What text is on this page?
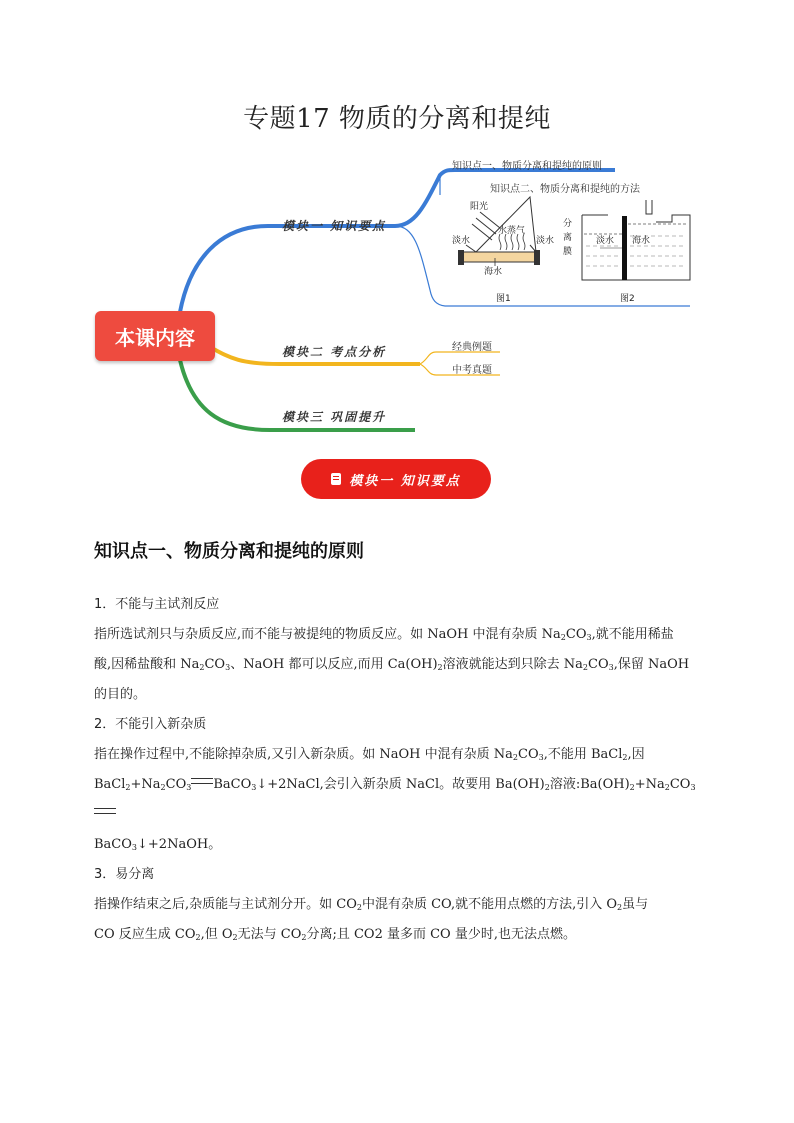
专题17 物质的分离和提纯
阳光
水蒸气
淡水	淡水
海水
图1
分
离
膜
淡水 海水
图2
本课内容
模块一 知识要点
模块二 考点分析
模块三 巩固提升
知识点一、物质分离和提纯的原则
知识点二、物质分离和提纯的方法
经典例题
中考真题
模块一 知识要点
知识点一、物质分离和提纯的原则

1．不能与主试剂反应

指所选试剂只与杂质反应,而不能与被提纯的物质反应。如 NaOH 中混有杂质 $Na_2CO_3$,就不能用稀盐
酸,因稀盐酸和 $Na_2CO_3$、NaOH 都可以反应,而用 $Ca(OH)_2$溶液就能达到只除去 $Na_2CO_3$,保留 NaOH
的目的。

2．不能引入新杂质

指在操作过程中,不能除掉杂质,又引入新杂质。如 NaOH 中混有杂质 $Na_2CO_3$,不能用 BaCl$_2$,因
$BaCl_2+Na_2CO_3$ BaCO$_3$↓+2NaCl,会引入新杂质 NaCl。故要用 $Ba(OH)_2$溶液$:Ba(OH)_2+Na_2CO_3$
BaCO$_3$↓+2NaOH。

3．易分离

指操作结束之后,杂质能与主试剂分开。如 $CO_2$中混有杂质 CO,就不能用点燃的方法,引入 $O_2$虽与
CO 反应生成 $CO_2$,但 $O_2$无法与 $CO_2$分离;且 CO2 量多而 CO 量少时,也无法点燃。
